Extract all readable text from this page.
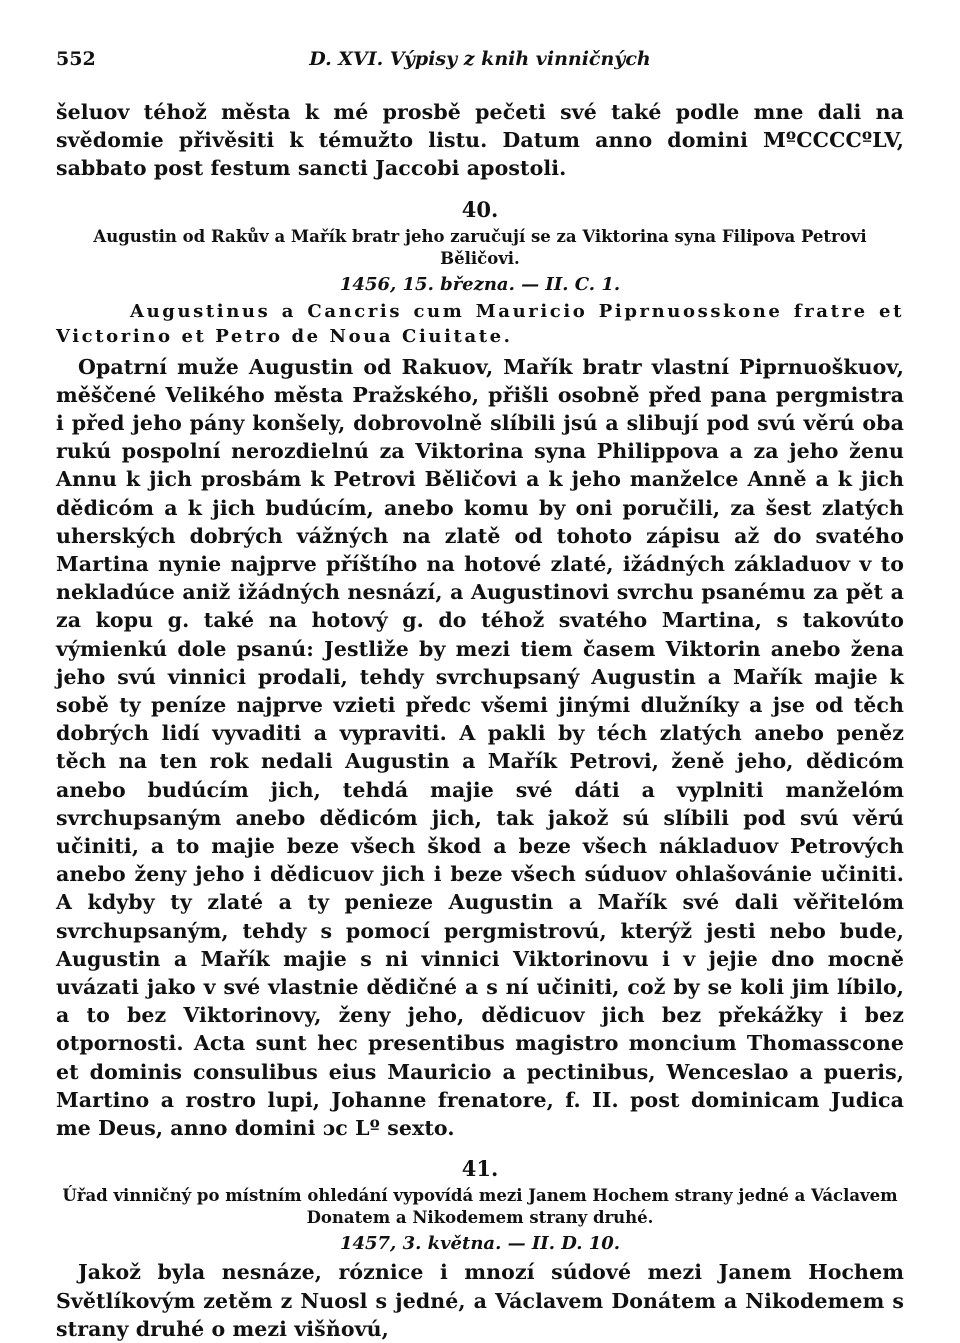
552	D. XVI. Výpisy z knih vinničných

šeluov téhož města k mé prosbě pečeti své také podle mne dali na svědomie přivěsiti k témužto listu. Datum anno domini MºCCCCºLV, sabbato post festum sancti Jaccobi apostoli.

40.
Augustin od Rakův a Mařík bratr jeho zaručují se za Viktorina syna Filipova Petrovi Běličovi.
1456, 15. března. — II. C. 1.
Augustinus a Cancris cum Mauricio Piprnuosskone fratre et Victorino et Petro de Noua Ciuitate.

Opatrní muže Augustin od Rakuov, Mařík bratr vlastní Piprnuoškuov, měščené Velikého města Pražského, přišli osobně před pana pergmistra i před jeho pány konšely, dobrovolně slíbili jsú a slibují pod svú věrú oba rukú pospolní nerozdielnú za Viktorina syna Philippova a za jeho ženu Annu k jich prosbám k Petrovi Běličovi a k jeho manželce Anně a k jich dědicóm a k jich budúcím, anebo komu by oni poručili, za šest zlatých uherských dobrých vážných na zlatě od tohoto zápisu až do svatého Martina nynie najprve příštího na hotové zlaté, ižádných základuov v to nekladúce aniž ižádných nesnází, a Augustinovi svrchu psanému za pět a za kopu g. také na hotový g. do téhož svatého Martina, s takovúto výmienkú dole psanú: Jestliže by mezi tiem časem Viktorin anebo žena jeho svú vinnici prodali, tehdy svrchupsaný Augustin a Mařík majie k sobě ty peníze najprve vzieti předc všemi jinými dlužníky a jse od těch dobrých lidí vyvaditi a vypraviti. A pakli by téch zlatých anebo peněz těch na ten rok nedali Augustin a Mařík Petrovi, ženě jeho, dědicóm anebo budúcím jich, tehdá majie své dáti a vyplniti manželóm svrchupsaným anebo dědicóm jich, tak jakož sú slíbili pod svú věrú učiniti, a to majie beze všech škod a beze všech nákladuov Petrových anebo ženy jeho i dědicuov jich i beze všech súduov ohlašovánie učiniti. A kdyby ty zlaté a ty penieze Augustin a Mařík své dali věřitelóm svrchupsaným, tehdy s pomocí pergmistrovú, kterýž jesti nebo bude, Augustin a Mařík majie s ni vinnici Viktorinovu i v jejie dno mocně uvázati jako v své vlastnie dědičné a s ní učiniti, což by se koli jim líbilo, a to bez Viktorinovy, ženy jeho, dědicuov jich bez překážky i bez otpornosti. Acta sunt hec presentibus magistro moncium Thomasscone et dominis consulibus eius Mauricio a pectinibus, Wenceslao a pueris, Martino a rostro lupi, Johanne frenatore, f. II. post dominicam Judica me Deus, anno domini ɔc Lº sexto.

41.
Úřad vinničný po místním ohledání vypovídá mezi Janem Hochem strany jedné a Václavem Donatem a Nikodemem strany druhé.
1457, 3. května. — II. D. 10.

Jakož byla nesnáze, róznice i mnozí súdové mezi Janem Hochem Světlíkovým zetěm z Nuosl s jedné, a Václavem Donátem a Nikodemem s strany druhé o mezi višňovú,
